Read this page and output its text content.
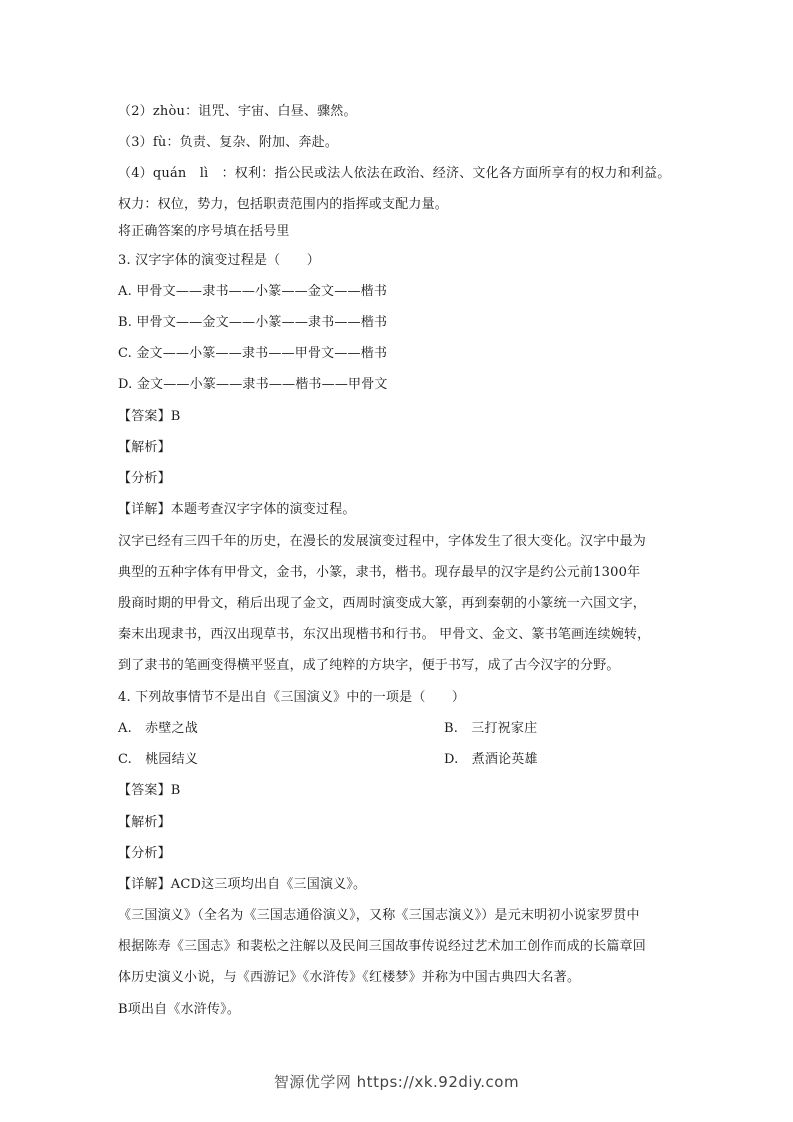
（2）zhòu：诅咒、宇宙、白昼、骤然。
（3）fù：负责、复杂、附加、奔赴。
（4）quán　lì　：权利：指公民或法人依法在政治、经济、文化各方面所享有的权力和利益。
权力：权位，势力，包括职责范围内的指挥或支配力量。
将正确答案的序号填在括号里
3. 汉字字体的演变过程是（　　）
A. 甲骨文——隶书——小篆——金文——楷书
B. 甲骨文——金文——小篆——隶书——楷书
C. 金文——小篆——隶书——甲骨文——楷书
D. 金文——小篆——隶书——楷书——甲骨文
【答案】B
【解析】
【分析】
【详解】本题考查汉字字体的演变过程。
汉字已经有三四千年的历史，在漫长的发展演变过程中，字体发生了很大变化。汉字中最为
典型的五种字体有甲骨文，金书，小篆，隶书，楷书。现存最早的汉字是约公元前1300年
殷商时期的甲骨文，稍后出现了金文，西周时演变成大篆，再到秦朝的小篆统一六国文字，
秦末出现隶书，西汉出现草书，东汉出现楷书和行书。 甲骨文、金文、篆书笔画连续婉转，
到了隶书的笔画变得横平竖直，成了纯粹的方块字，便于书写，成了古今汉字的分野。
4. 下列故事情节不是出自《三国演义》中的一项是（　　）
A.　赤壁之战	B.　三打祝家庄
C.　桃园结义	D.　煮酒论英雄
【答案】B
【解析】
【分析】
【详解】ACD这三项均出自《三国演义》。
《三国演义》（全名为《三国志通俗演义》，又称《三国志演义》）是元末明初小说家罗贯中
根据陈寿《三国志》和裴松之注解以及民间三国故事传说经过艺术加工创作而成的长篇章回
体历史演义小说，与《西游记》《水浒传》《红楼梦》并称为中国古典四大名著。
B项出自《水浒传》。
智源优学网 https://xk.92diy.com
